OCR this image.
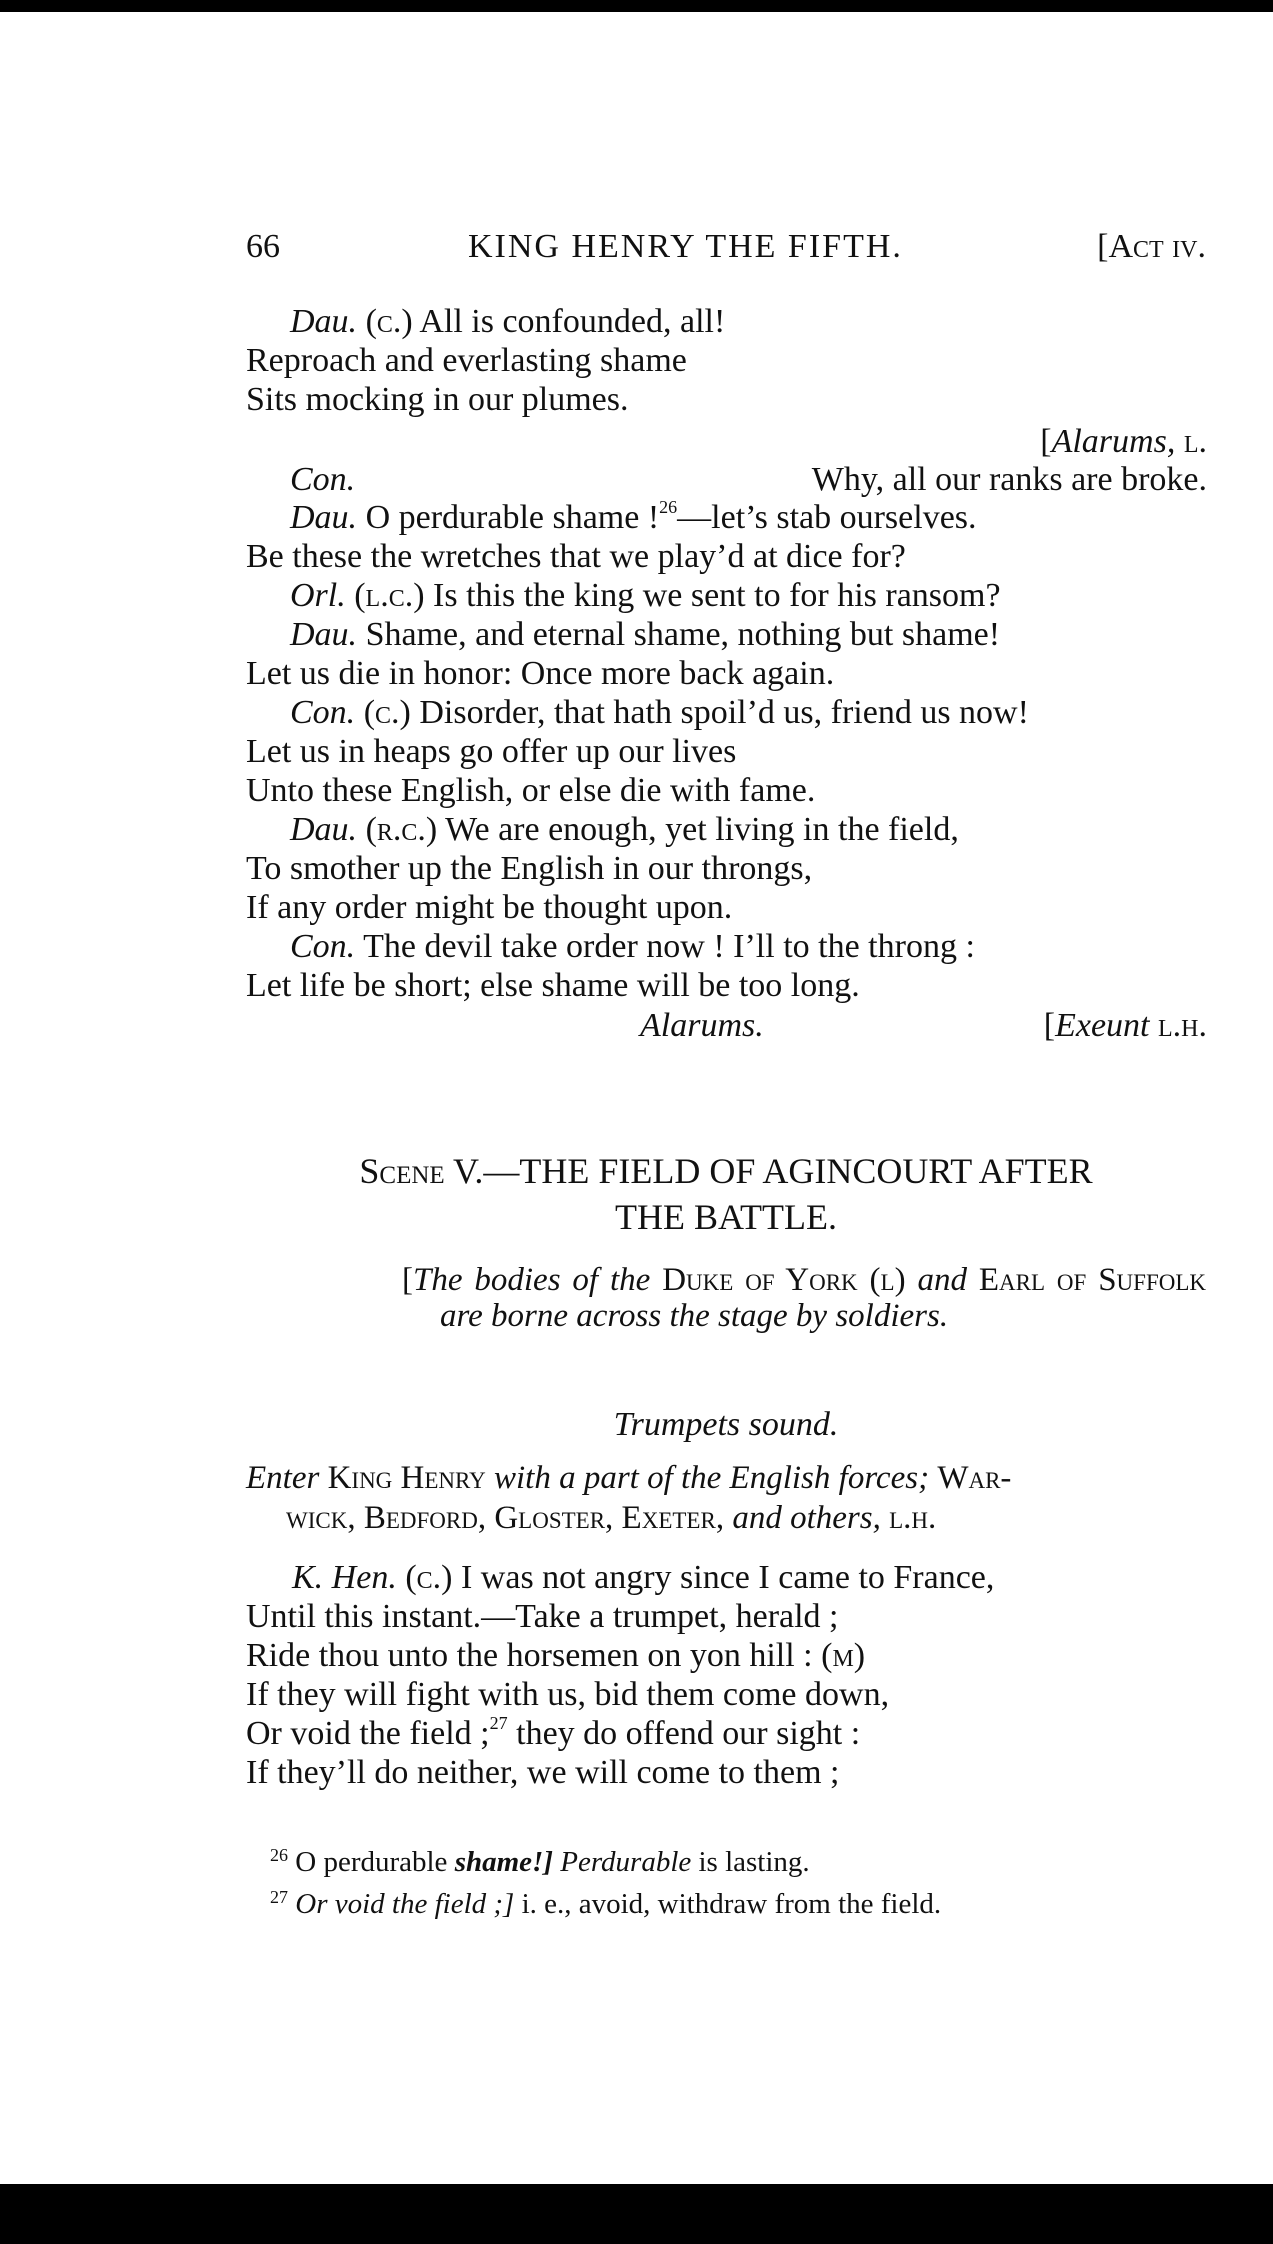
66	KING HENRY THE FIFTH.	[Act iv.
Dau. (c.) All is confounded, all!
Reproach and everlasting shame
Sits mocking in our plumes.
[Alarums, l.
Con.	Why, all our ranks are broke.
Dau. O perdurable shame !$^{26}$—let’s stab ourselves.
Be these the wretches that we play’d at dice for?
Orl. (l.c.) Is this the king we sent to for his ransom?
Dau. Shame, and eternal shame, nothing but shame!
Let us die in honor: Once more back again.
Con. (c.) Disorder, that hath spoil’d us, friend us now!
Let us in heaps go offer up our lives
Unto these English, or else die with fame.
Dau. (r.c.) We are enough, yet living in the field,
To smother up the English in our throngs,
If any order might be thought upon.
Con. The devil take order now ! I’ll to the throng :
Let life be short; else shame will be too long.
Alarums.	[Exeunt l.h.
Scene V.—THE FIELD OF AGINCOURT AFTER
THE BATTLE.
[The bodies of the Duke of York (l) and Earl of Suffolk are borne across the stage by soldiers.
Trumpets sound.
Enter King Henry with a part of the English forces; War-
wick, Bedford, Gloster, Exeter, and others, l.h.
K. Hen. (c.) I was not angry since I came to France,
Until this instant.—Take a trumpet, herald ;
Ride thou unto the horsemen on yon hill : (m)
If they will fight with us, bid them come down,
Or void the field ;$^{27}$ they do offend our sight :
If they’ll do neither, we will come to them ;
$^{26}$ O perdurable shame!] Perdurable is lasting.
$^{27}$ Or void the field ;] i. e., avoid, withdraw from the field.
